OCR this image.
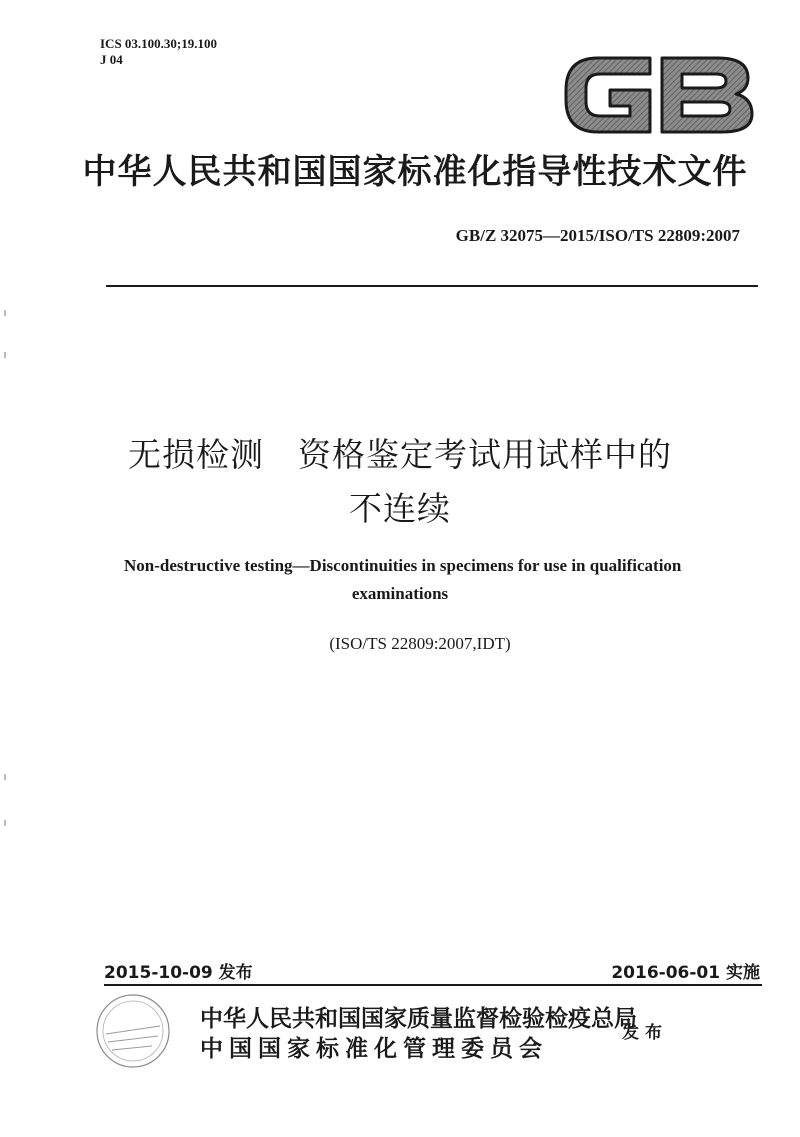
ICS 03.100.30;19.100
J 04
中华人民共和国国家标准化指导性技术文件
GB/Z 32075—2015/ISO/TS 22809:2007
无损检测　资格鉴定考试用试样中的
不连续
Non-destructive testing—Discontinuities in specimens for use in qualification
examinations
(ISO/TS 22809:2007,IDT)
2015-10-09 发布	2016-06-01 实施
中华人民共和国国家质量监督检验检疫总局
中国国家标准化管理委员会
发布
